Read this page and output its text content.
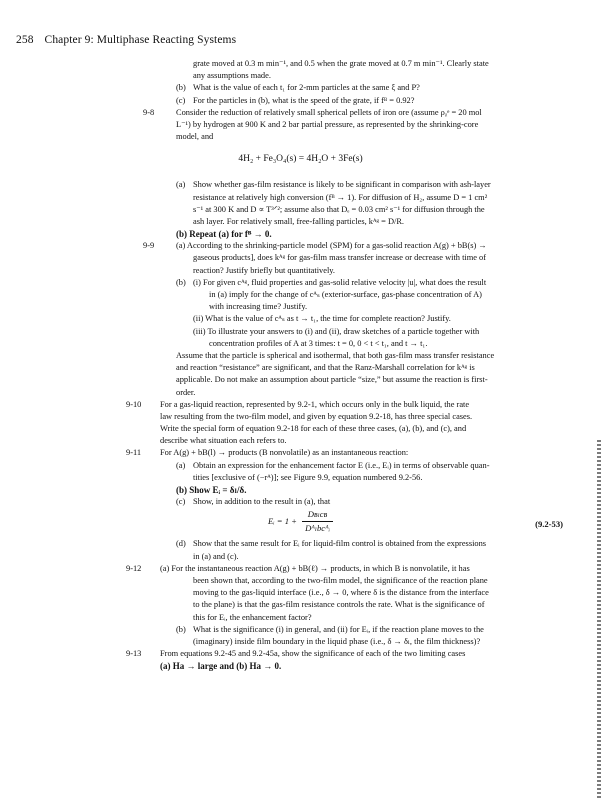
258 Chapter 9: Multiphase Reacting Systems
grate moved at 0.3 m min⁻¹, and 0.5 when the grate moved at 0.7 m min⁻¹. Clearly state
any assumptions made.
(b) What is the value of each t₁ for 2-mm particles at the same ξ and P?
(c) For the particles in (b), what is the speed of the grate, if fᴮ = 0.92?
9-8	Consider the reduction of relatively small spherical pellets of iron ore (assume ρᵪᵉ = 20 mol
L⁻¹) by hydrogen at 900 K and 2 bar partial pressure, as represented by the shrinking-core
model, and
4H₂ + Fe₃O₄(s) = 4H₂O + 3Fe(s)
(a) Show whether gas-film resistance is likely to be significant in comparison with ash-layer
resistance at relatively high conversion (fᴮ → 1). For diffusion of H₂, assume D = 1 cm²
s⁻¹ at 300 K and D ∝ T³ᐟ²; assume also that Dₑ = 0.03 cm² s⁻¹ for diffusion through the
ash layer. For relatively small, free-falling particles, kᴬᵍ = D/R.
(b) Repeat (a) for fᴮ → 0.
9-9	(a) According to the shrinking-particle model (SPM) for a gas-solid reaction A(g) + bB(s) →
gaseous products], does kᴬᵍ for gas-film mass transfer increase or decrease with time of
reaction? Justify briefly but quantitatively.
(b) (i) For given cᴬᵍ, fluid properties and gas-solid relative velocity |u|, what does the result
in (a) imply for the change of cᴬₛ (exterior-surface, gas-phase concentration of A)
with increasing time? Justify.
(ii) What is the value of cᴬₛ as t → t₁, the time for complete reaction? Justify.
(iii) To illustrate your answers to (i) and (ii), draw sketches of a particle together with
concentration profiles of A at 3 times: t = 0, 0 < t < t₁, and t → t₁.
Assume that the particle is spherical and isothermal, that both gas-film mass transfer resistance
and reaction “resistance” are significant, and that the Ranz-Marshall correlation for kᴬᵍ is
applicable. Do not make an assumption about particle “size,” but assume the reaction is first-
order.
9-10 For a gas-liquid reaction, represented by 9.2-1, which occurs only in the bulk liquid, the rate
law resulting from the two-film model, and given by equation 9.2-18, has three special cases.
Write the special form of equation 9.2-18 for each of these three cases, (a), (b), and (c), and
describe what situation each refers to.
9-11 For A(g) + bB(l) → products (B nonvolatile) as an instantaneous reaction:
(a) Obtain an expression for the enhancement factor E (i.e., Eᵢ) in terms of observable quan-
tities [exclusive of (−rᴬ)]; see Figure 9.9, equation numbered 9.2-56.
(b) Show Eᵢ = δₗ/δ.
(c) Show, in addition to the result in (a), that
Eᵢ = $1 + \frac{\text{Dʙₗcʙ}}{\text{Dᴬₗbcᴬᵢ}}$	(9.2-53)
(d) Show that the same result for Eᵢ for liquid-film control is obtained from the expressions
in (a) and (c).
9-12 (a) For the instantaneous reaction A(g) + bB(ℓ) → products, in which B is nonvolatile, it has
been shown that, according to the two-film model, the significance of the reaction plane
moving to the gas-liquid interface (i.e., δ → 0, where δ is the distance from the interface
to the plane) is that the gas-film resistance controls the rate. What is the significance of
this for Eᵢ, the enhancement factor?
(b) What is the significance (i) in general, and (ii) for Eᵢ, if the reaction plane moves to the
(imaginary) inside film boundary in the liquid phase (i.e., δ → δₗ, the film thickness)?
9-13 From equations 9.2-45 and 9.2-45a, show the significance of each of the two limiting cases
(a) Ha → large and (b) Ha → 0.
